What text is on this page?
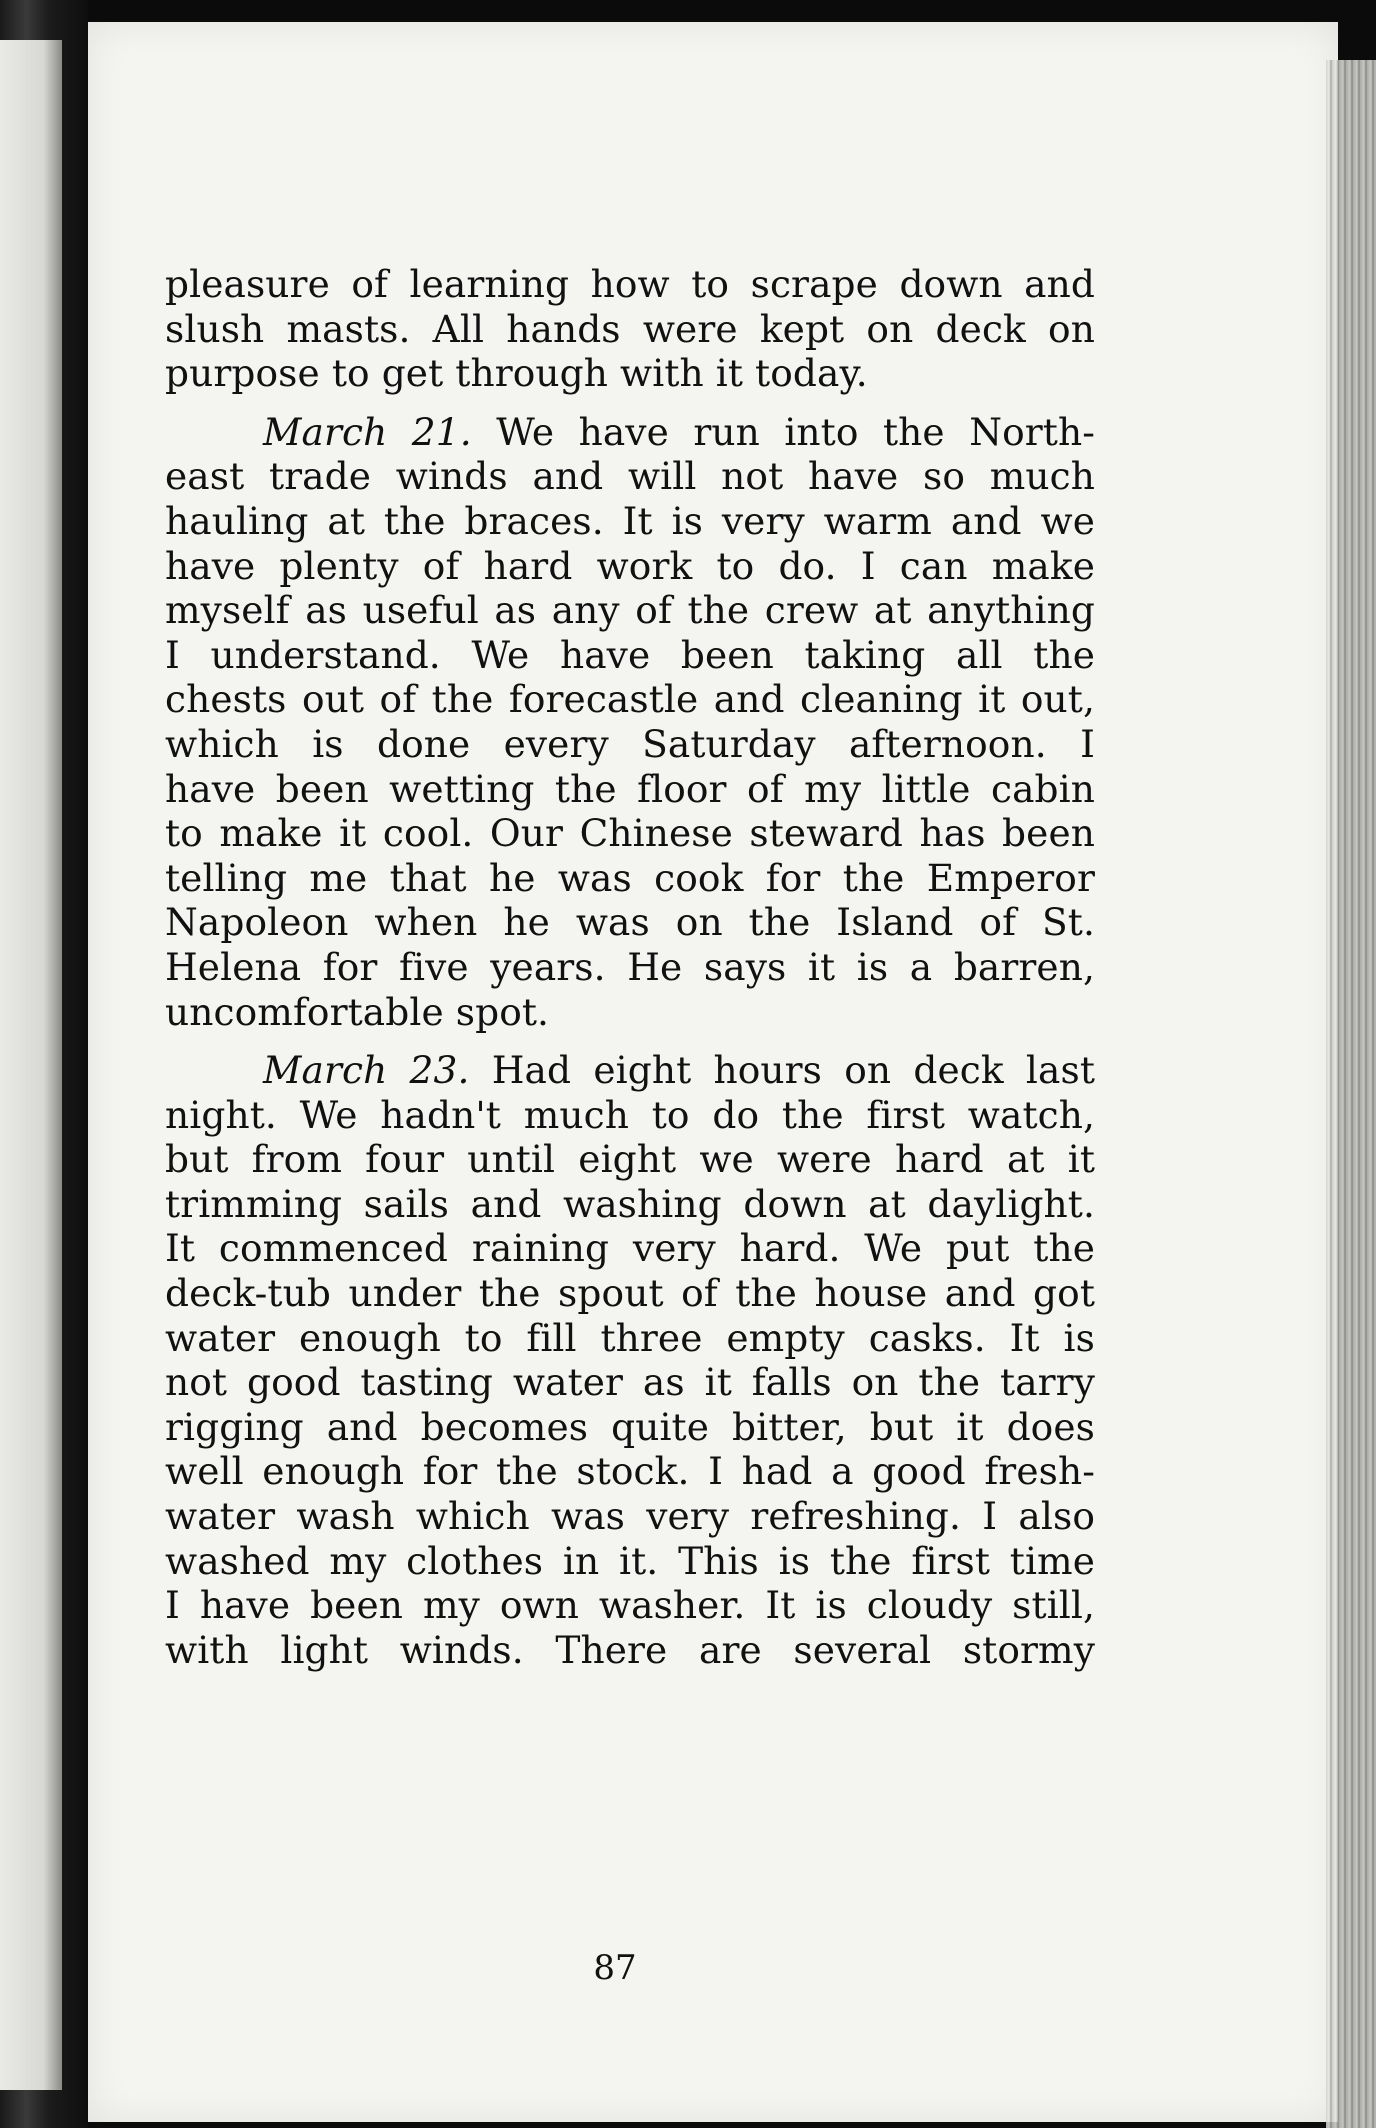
pleasure of learning how to scrape down and
slush masts. All hands were kept on deck on
purpose to get through with it today.
March 21. We have run into the North-
east trade winds and will not have so much
hauling at the braces. It is very warm and we
have plenty of hard work to do. I can make
myself as useful as any of the crew at anything
I understand. We have been taking all the
chests out of the forecastle and cleaning it out,
which is done every Saturday afternoon. I
have been wetting the floor of my little cabin
to make it cool. Our Chinese steward has been
telling me that he was cook for the Emperor
Napoleon when he was on the Island of St.
Helena for five years. He says it is a barren,
uncomfortable spot.
March 23. Had eight hours on deck last
night. We hadn't much to do the first watch,
but from four until eight we were hard at it
trimming sails and washing down at daylight.
It commenced raining very hard. We put the
deck-tub under the spout of the house and got
water enough to fill three empty casks. It is
not good tasting water as it falls on the tarry
rigging and becomes quite bitter, but it does
well enough for the stock. I had a good fresh-
water wash which was very refreshing. I also
washed my clothes in it. This is the first time
I have been my own washer. It is cloudy still,
with light winds. There are several stormy
87
